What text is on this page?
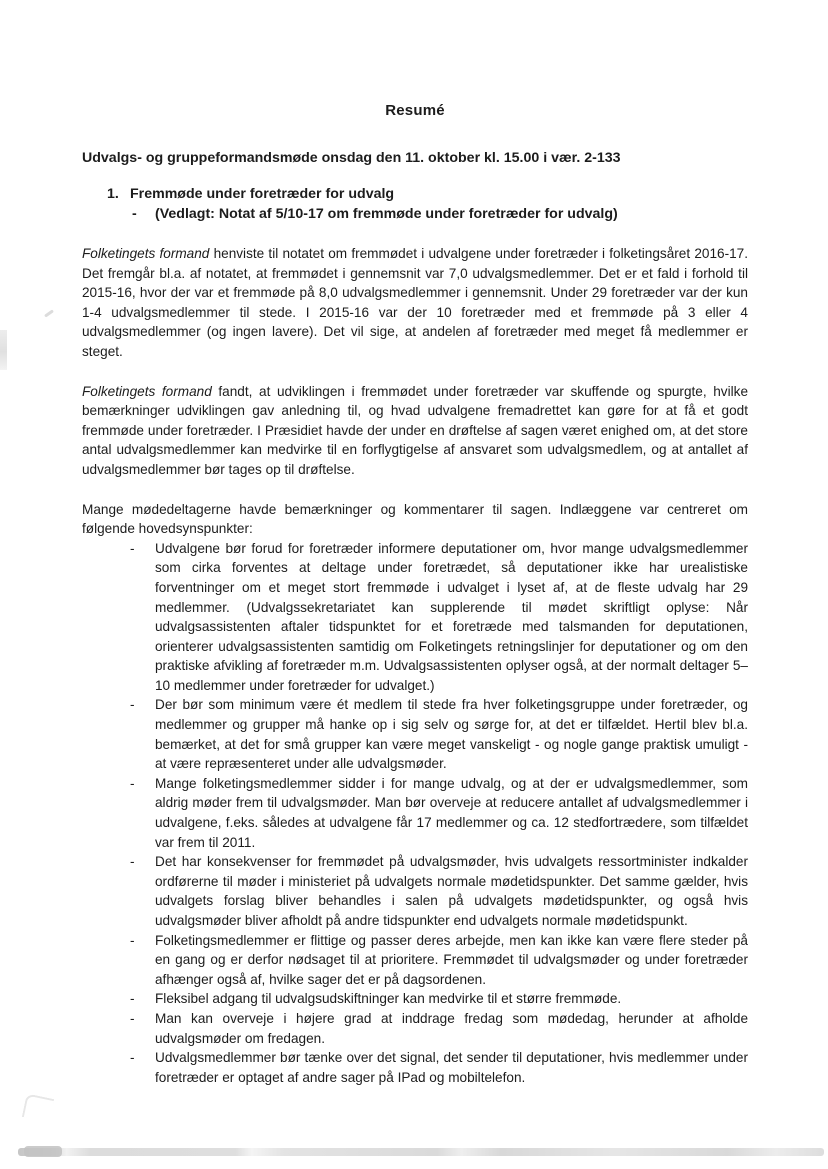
Resumé

Udvalgs- og gruppeformandsmøde onsdag den 11. oktober kl. 15.00 i vær. 2-133

1. Fremmøde under foretræder for udvalg
-	(Vedlagt: Notat af 5/10-17 om fremmøde under foretræder for udvalg)

Folketingets formand henviste til notatet om fremmødet i udvalgene under foretræder i folketingsåret 2016-17. Det fremgår bl.a. af notatet, at fremmødet i gennemsnit var 7,0 udvalgsmedlemmer. Det er et fald i forhold til 2015-16, hvor der var et fremmøde på 8,0 udvalgsmedlemmer i gennemsnit. Under 29 foretræder var der kun 1-4 udvalgsmedlemmer til stede. I 2015-16 var der 10 foretræder med et fremmøde på 3 eller 4 udvalgsmedlemmer (og ingen lavere). Det vil sige, at andelen af foretræder med meget få medlemmer er steget.

Folketingets formand fandt, at udviklingen i fremmødet under foretræder var skuffende og spurgte, hvilke bemærkninger udviklingen gav anledning til, og hvad udvalgene fremadrettet kan gøre for at få et godt fremmøde under foretræder. I Præsidiet havde der under en drøftelse af sagen været enighed om, at det store antal udvalgsmedlemmer kan medvirke til en forflygtigelse af ansvaret som udvalgsmedlem, og at antallet af udvalgsmedlemmer bør tages op til drøftelse.

Mange mødedeltagerne havde bemærkninger og kommentarer til sagen. Indlæggene var centreret om følgende hovedsynspunkter:

-	Udvalgene bør forud for foretræder informere deputationer om, hvor mange udvalgsmedlemmer som cirka forventes at deltage under foretrædet, så deputationer ikke har urealistiske forventninger om et meget stort fremmøde i udvalget i lyset af, at de fleste udvalg har 29 medlemmer. (Udvalgssekretariatet kan supplerende til mødet skriftligt oplyse: Når udvalgsassistenten aftaler tidspunktet for et foretræde med talsmanden for deputationen, orienterer udvalgsassistenten samtidig om Folketingets retningslinjer for deputationer og om den praktiske afvikling af foretræder m.m. Udvalgsassistenten oplyser også, at der normalt deltager 5–10 medlemmer under foretræder for udvalget.)
-	Der bør som minimum være ét medlem til stede fra hver folketingsgruppe under foretræder, og medlemmer og grupper må hanke op i sig selv og sørge for, at det er tilfældet. Hertil blev bl.a. bemærket, at det for små grupper kan være meget vanskeligt - og nogle gange praktisk umuligt - at være repræsenteret under alle udvalgsmøder.
-	Mange folketingsmedlemmer sidder i for mange udvalg, og at der er udvalgsmedlemmer, som aldrig møder frem til udvalgsmøder. Man bør overveje at reducere antallet af udvalgsmedlemmer i udvalgene, f.eks. således at udvalgene får 17 medlemmer og ca. 12 stedfortrædere, som tilfældet var frem til 2011.
-	Det har konsekvenser for fremmødet på udvalgsmøder, hvis udvalgets ressortminister indkalder ordførerne til møder i ministeriet på udvalgets normale mødetidspunkter. Det samme gælder, hvis udvalgets forslag bliver behandles i salen på udvalgets mødetidspunkter, og også hvis udvalgsmøder bliver afholdt på andre tidspunkter end udvalgets normale mødetidspunkt.
-	Folketingsmedlemmer er flittige og passer deres arbejde, men kan ikke kan være flere steder på en gang og er derfor nødsaget til at prioritere. Fremmødet til udvalgsmøder og under foretræder afhænger også af, hvilke sager det er på dagsordenen.
-	Fleksibel adgang til udvalgsudskiftninger kan medvirke til et større fremmøde.
-	Man kan overveje i højere grad at inddrage fredag som mødedag, herunder at afholde udvalgsmøder om fredagen.
-	Udvalgsmedlemmer bør tænke over det signal, det sender til deputationer, hvis medlemmer under foretræder er optaget af andre sager på IPad og mobiltelefon.
